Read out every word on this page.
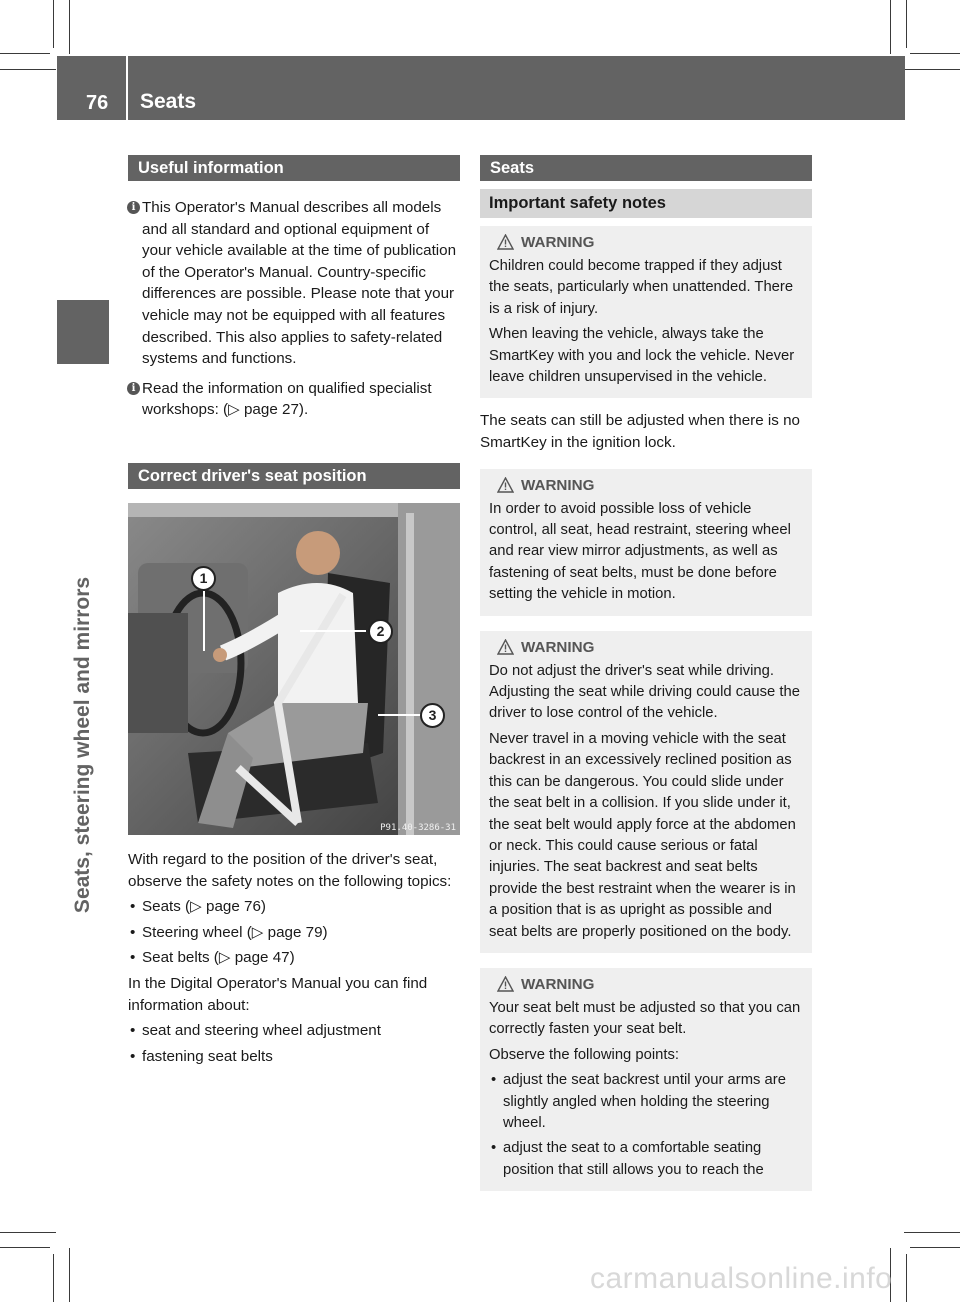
76 Seats
Seats, steering wheel and mirrors
Useful information

i This Operator's Manual describes all models and all standard and optional equipment of your vehicle available at the time of publication of the Operator's Manual. Country-specific differences are possible. Please note that your vehicle may not be equipped with all features described. This also applies to safety-related systems and functions.

i Read the information on qualified specialist workshops: (▷ page 27).

Correct driver's seat position
1
2
3
P91.40-3286-31

With regard to the position of the driver's seat, observe the safety notes on the following topics:

• Seats (▷ page 76)
• Steering wheel (▷ page 79)
• Seat belts (▷ page 47)

In the Digital Operator's Manual you can find information about:

• seat and steering wheel adjustment
• fastening seat belts
Seats
Important safety notes
WARNING

Children could become trapped if they adjust the seats, particularly when unattended. There is a risk of injury.

When leaving the vehicle, always take the SmartKey with you and lock the vehicle. Never leave children unsupervised in the vehicle.

The seats can still be adjusted when there is no SmartKey in the ignition lock.

WARNING

In order to avoid possible loss of vehicle control, all seat, head restraint, steering wheel and rear view mirror adjustments, as well as fastening of seat belts, must be done before setting the vehicle in motion.

WARNING

Do not adjust the driver's seat while driving. Adjusting the seat while driving could cause the driver to lose control of the vehicle.

Never travel in a moving vehicle with the seat backrest in an excessively reclined position as this can be dangerous. You could slide under the seat belt in a collision. If you slide under it, the seat belt would apply force at the abdomen or neck. This could cause serious or fatal injuries. The seat backrest and seat belts provide the best restraint when the wearer is in a position that is as upright as possible and seat belts are properly positioned on the body.

WARNING

Your seat belt must be adjusted so that you can correctly fasten your seat belt.

Observe the following points:

• adjust the seat backrest until your arms are slightly angled when holding the steering wheel.
• adjust the seat to a comfortable seating position that still allows you to reach the
carmanualsonline.info
